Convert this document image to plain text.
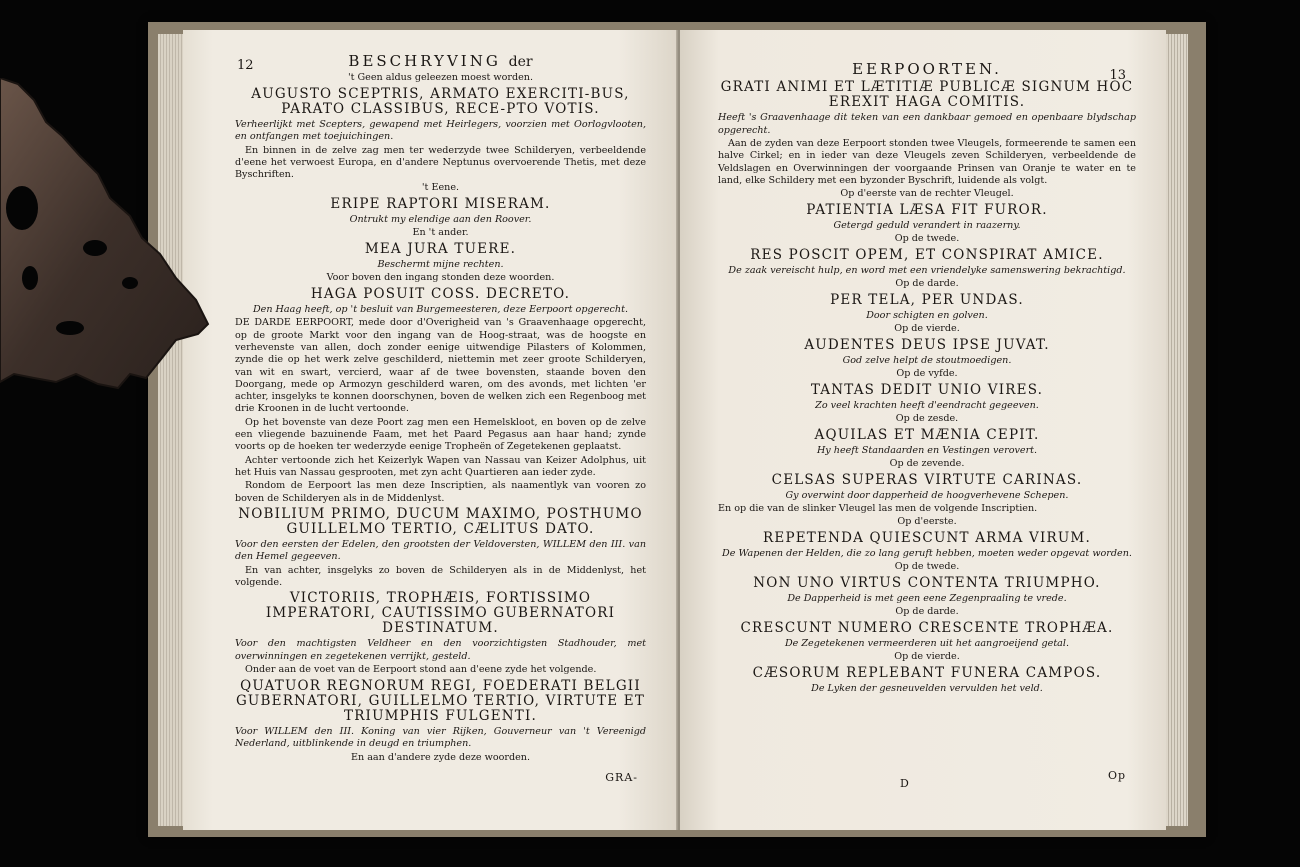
12	BESCHRYVING der

't Geen aldus geleezen moest worden.

AUGUSTO SCEPTRIS, ARMATO EXERCITI-BUS, PARATO CLASSIBUS, RECE-PTO VOTIS.

Verheerlijkt met Scepters, gewapend met Heirlegers, voorzien met Oorlogvlooten, en ontfangen met toejuichingen.

En binnen in de zelve zag men ter wederzyde twee Schilderyen, verbeeldende d'eene het verwoest Europa, en d'andere Neptunus overvoerende Thetis, met deze Byschriften.

't Eene.

ERIPE RAPTORI MISERAM.

Ontrukt my elendige aan den Roover.

En 't ander.

MEA JURA TUERE.

Beschermt mijne rechten.

Voor boven den ingang stonden deze woorden.

HAGA POSUIT COSS. DECRETO.

Den Haag heeft, op 't besluit van Burgemeesteren, deze Eerpoort opgerecht.

DE DARDE EERPOORT, mede door d'Overigheid van 's Graavenhaage opgerecht, op de groote Markt voor den ingang van de Hoog-straat, was de hoogste en verhevenste van allen, doch zonder eenige uitwendige Pilasters of Kolommen, zynde die op het werk zelve geschilderd, niettemin met zeer groote Schilderyen, van wit en swart, vercierd, waar af de twee bovensten, staande boven den Doorgang, mede op Armozyn geschilderd waren, om des avonds, met lichten 'er achter, insgelyks te konnen doorschynen, boven de welken zich een Regenboog met drie Kroonen in de lucht vertoonde.

Op het bovenste van deze Poort zag men een Hemelskloot, en boven op de zelve een vliegende bazuinende Faam, met het Paard Pegasus aan haar hand; zynde voorts op de hoeken ter wederzyde eenige Tropheën of Zegetekenen geplaatst.

Achter vertoonde zich het Keizerlyk Wapen van Nassau van Keizer Adolphus, uit het Huis van Nassau gesprooten, met zyn acht Quartieren aan ieder zyde.

Rondom de Eerpoort las men deze Inscriptien, als naamentlyk van vooren zo boven de Schilderyen als in de Middenlyst.

NOBILIUM PRIMO, DUCUM MAXIMO, POSTHUMO GUILLELMO TERTIO, CÆLITUS DATO.

Voor den eersten der Edelen, den grootsten der Veldoversten, WILLEM den III. van den Hemel gegeeven.

En van achter, insgelyks zo boven de Schilderyen als in de Middenlyst, het volgende.

VICTORIIS, TROPHÆIS, FORTISSIMO IMPERATORI, CAUTISSIMO GUBERNATORI DESTINATUM.

Voor den machtigsten Veldheer en den voorzichtigsten Stadhouder, met overwinningen en zegetekenen verrijkt, gesteld.

Onder aan de voet van de Eerpoort stond aan d'eene zyde het volgende.

QUATUOR REGNORUM REGI, FOEDERATI BELGII GUBERNATORI, GUILLELMO TERTIO, VIRTUTE ET TRIUMPHIS FULGENTI.

Voor WILLEM den III. Koning van vier Rijken, Gouverneur van 't Vereenigd Nederland, uitblinkende in deugd en triumphen.

En aan d'andere zyde deze woorden.

GRA-
13
EERPOORTEN.
GRATI ANIMI ET LÆTITIÆ PUBLICÆ SIGNUM HOC EREXIT HAGA COMITIS.

Heeft 's Graavenhaage dit teken van een dankbaar gemoed en openbaare blydschap opgerecht.

Aan de zyden van deze Eerpoort stonden twee Vleugels, formeerende te samen een halve Cirkel; en in ieder van deze Vleugels zeven Schilderyen, verbeeldende de Veldslagen en Overwinningen der voorgaande Prinsen van Oranje te water en te land, elke Schildery met een byzonder Byschrift, luidende als volgt.

Op d'eerste van de rechter Vleugel.

PATIENTIA LÆSA FIT FUROR.

Getergd geduld verandert in raazerny.

Op de twede.

RES POSCIT OPEM, ET CONSPIRAT AMICE.

De zaak vereischt hulp, en word met een vriendelyke samenswering bekrachtigd.

Op de darde.

PER TELA, PER UNDAS.

Door schigten en golven.

Op de vierde.

AUDENTES DEUS IPSE JUVAT.

God zelve helpt de stoutmoedigen.

Op de vyfde.

TANTAS DEDIT UNIO VIRES.

Zo veel krachten heeft d'eendracht gegeeven.

Op de zesde.

AQUILAS ET MÆNIA CEPIT.

Hy heeft Standaarden en Vestingen verovert.

Op de zevende.

CELSAS SUPERAS VIRTUTE CARINAS.

Gy overwint door dapperheid de hoogverhevene Schepen.

En op die van de slinker Vleugel las men de volgende Inscriptien.

Op d'eerste.

REPETENDA QUIESCUNT ARMA VIRUM.

De Wapenen der Helden, die zo lang geruft hebben, moeten weder opgevat worden.

Op de twede.

NON UNO VIRTUS CONTENTA TRIUMPHO.

De Dapperheid is met geen eene Zegenpraaling te vrede.

Op de darde.

CRESCUNT NUMERO CRESCENTE TROPHÆA.

De Zegetekenen vermeerderen uit het aangroeijend getal.

Op de vierde.

CÆSORUM REPLEBANT FUNERA CAMPOS.

De Lyken der gesneuvelden vervulden het veld.

D
Op
